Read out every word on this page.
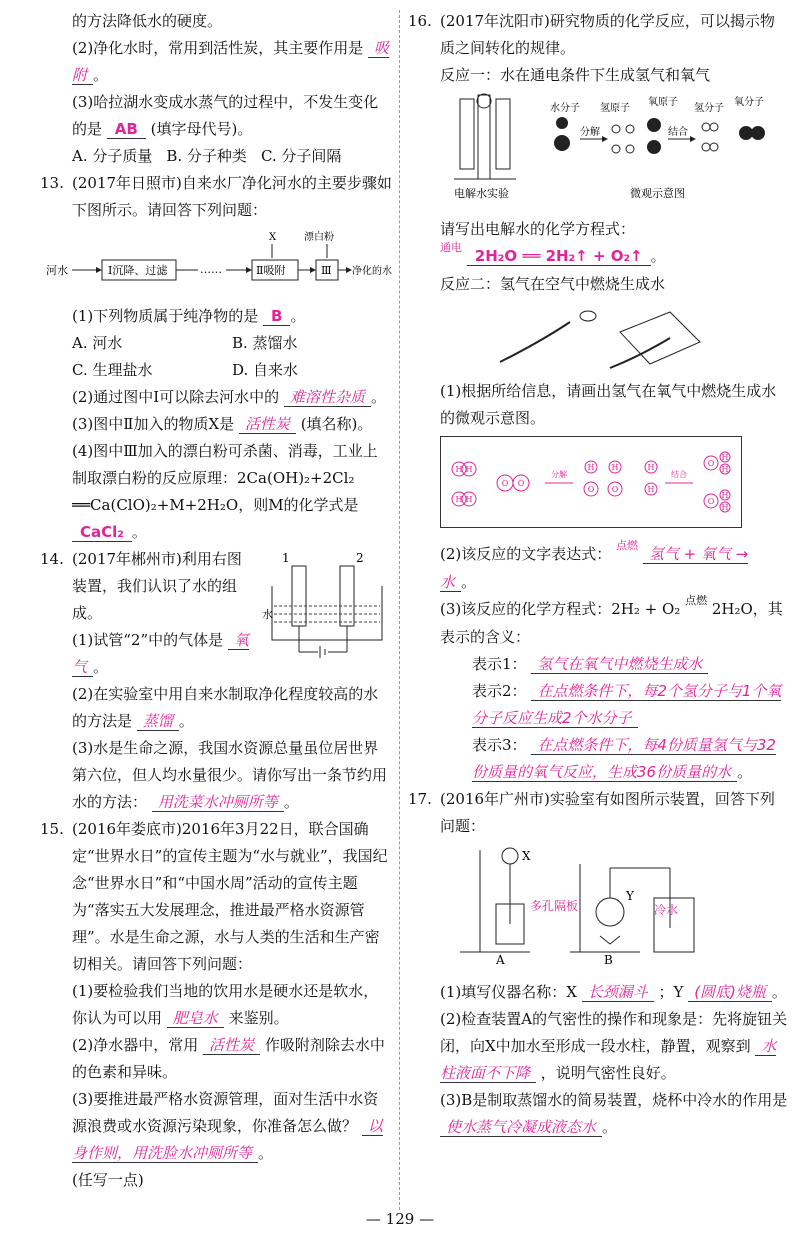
的方法降低水的硬度。

(2)净化水时，常用到活性炭，其主要作用是 吸附 。

(3)哈拉湖水变成水蒸气的过程中，不发生变化的是 AB (填字母代号)。

A. 分子质量 B. 分子种类 C. 分子间隔

13. (2017年日照市)自来水厂净化河水的主要步骤如下图所示。请回答下列问题：

河水	Ⅰ沉降、过滤	……	Ⅱ吸附
X
Ⅲ
漂白粉
净化的水

(1)下列物质属于纯净物的是 B 。

A. 河水	B. 蒸馏水
C. 生理盐水	D. 自来水

(2)通过图中Ⅰ可以除去河水中的 难溶性杂质 。

(3)图中Ⅱ加入的物质X是 活性炭 (填名称)。

(4)图中Ⅲ加入的漂白粉可杀菌、消毒，工业上制取漂白粉的反应原理：2Ca(OH)₂+2Cl₂ ══Ca(ClO)₂+M+2H₂O，则M的化学式是 CaCl₂ 。

14. (2017年郴州市)利用右图装置，我们认识了水的组成。

(1)试管“2”中的气体是 氧气 。

1	2
水

(2)在实验室中用自来水制取净化程度较高的水的方法是 蒸馏 。

(3)水是生命之源，我国水资源总量虽位居世界第六位，但人均水量很少。请你写出一条节约用水的方法： 用洗菜水冲厕所等 。

15. (2016年娄底市)2016年3月22日，联合国确定“世界水日”的宣传主题为“水与就业”，我国纪念“世界水日”和“中国水周”活动的宣传主题为“落实五大发展理念，推进最严格水资源管理”。水是生命之源，水与人类的生活和生产密切相关。请回答下列问题：

(1)要检验我们当地的饮用水是硬水还是软水，你认为可以用 肥皂水 来鉴别。

(2)净水器中，常用 活性炭 作吸附剂除去水中的色素和异味。

(3)要推进最严格水资源管理，面对生活中水资源浪费或水资源污染现象，你准备怎么做？ 以身作则，用洗脸水冲厕所等 。

(任写一点)

16. (2017年沈阳市)研究物质的化学反应，可以揭示物质之间转化的规律。

反应一：水在通电条件下生成氢气和氧气

电解水实验
水分子
分解
氢原子
氧原子
结合
氢分子
氧分子
微观示意图

请写出电解水的化学方程式：

$^{通电}$ 2H₂O ══ 2H₂↑ + O₂↑ 。

反应二：氢气在空气中燃烧生成水

(1)根据所给信息，请画出氢气在氧气中燃烧生成水的微观示意图。

H H
H H
O O
分解
H H
O O
H
H
结合
O
H
H
O
H
H

(2)该反应的文字表达式： $^{点燃}$ 氢气 + 氧气 → 水 。

(3)该反应的化学方程式：2H₂ + O₂ $^{点燃}$ 2H₂O，其表示的含义：

表示1： 氢气在氧气中燃烧生成水

表示2： 在点燃条件下，每2个氢分子与1个氧分子反应生成2个水分子

表示3： 在点燃条件下，每4份质量氢气与32份质量的氧气反应，生成36份质量的水 。

17. (2016年广州市)实验室有如图所示装置，回答下列问题：

X
多孔隔板
A
Y
冷水
B

(1)填写仪器名称：X 长颈漏斗 ；Y (圆底)烧瓶 。

(2)检查装置A的气密性的操作和现象是：先将旋钮关闭，向X中加水至形成一段水柱，静置，观察到 水柱液面不下降 ，说明气密性良好。

(3)B是制取蒸馏水的简易装置，烧杯中冷水的作用是 使水蒸气冷凝成液态水 。

— 129 —
